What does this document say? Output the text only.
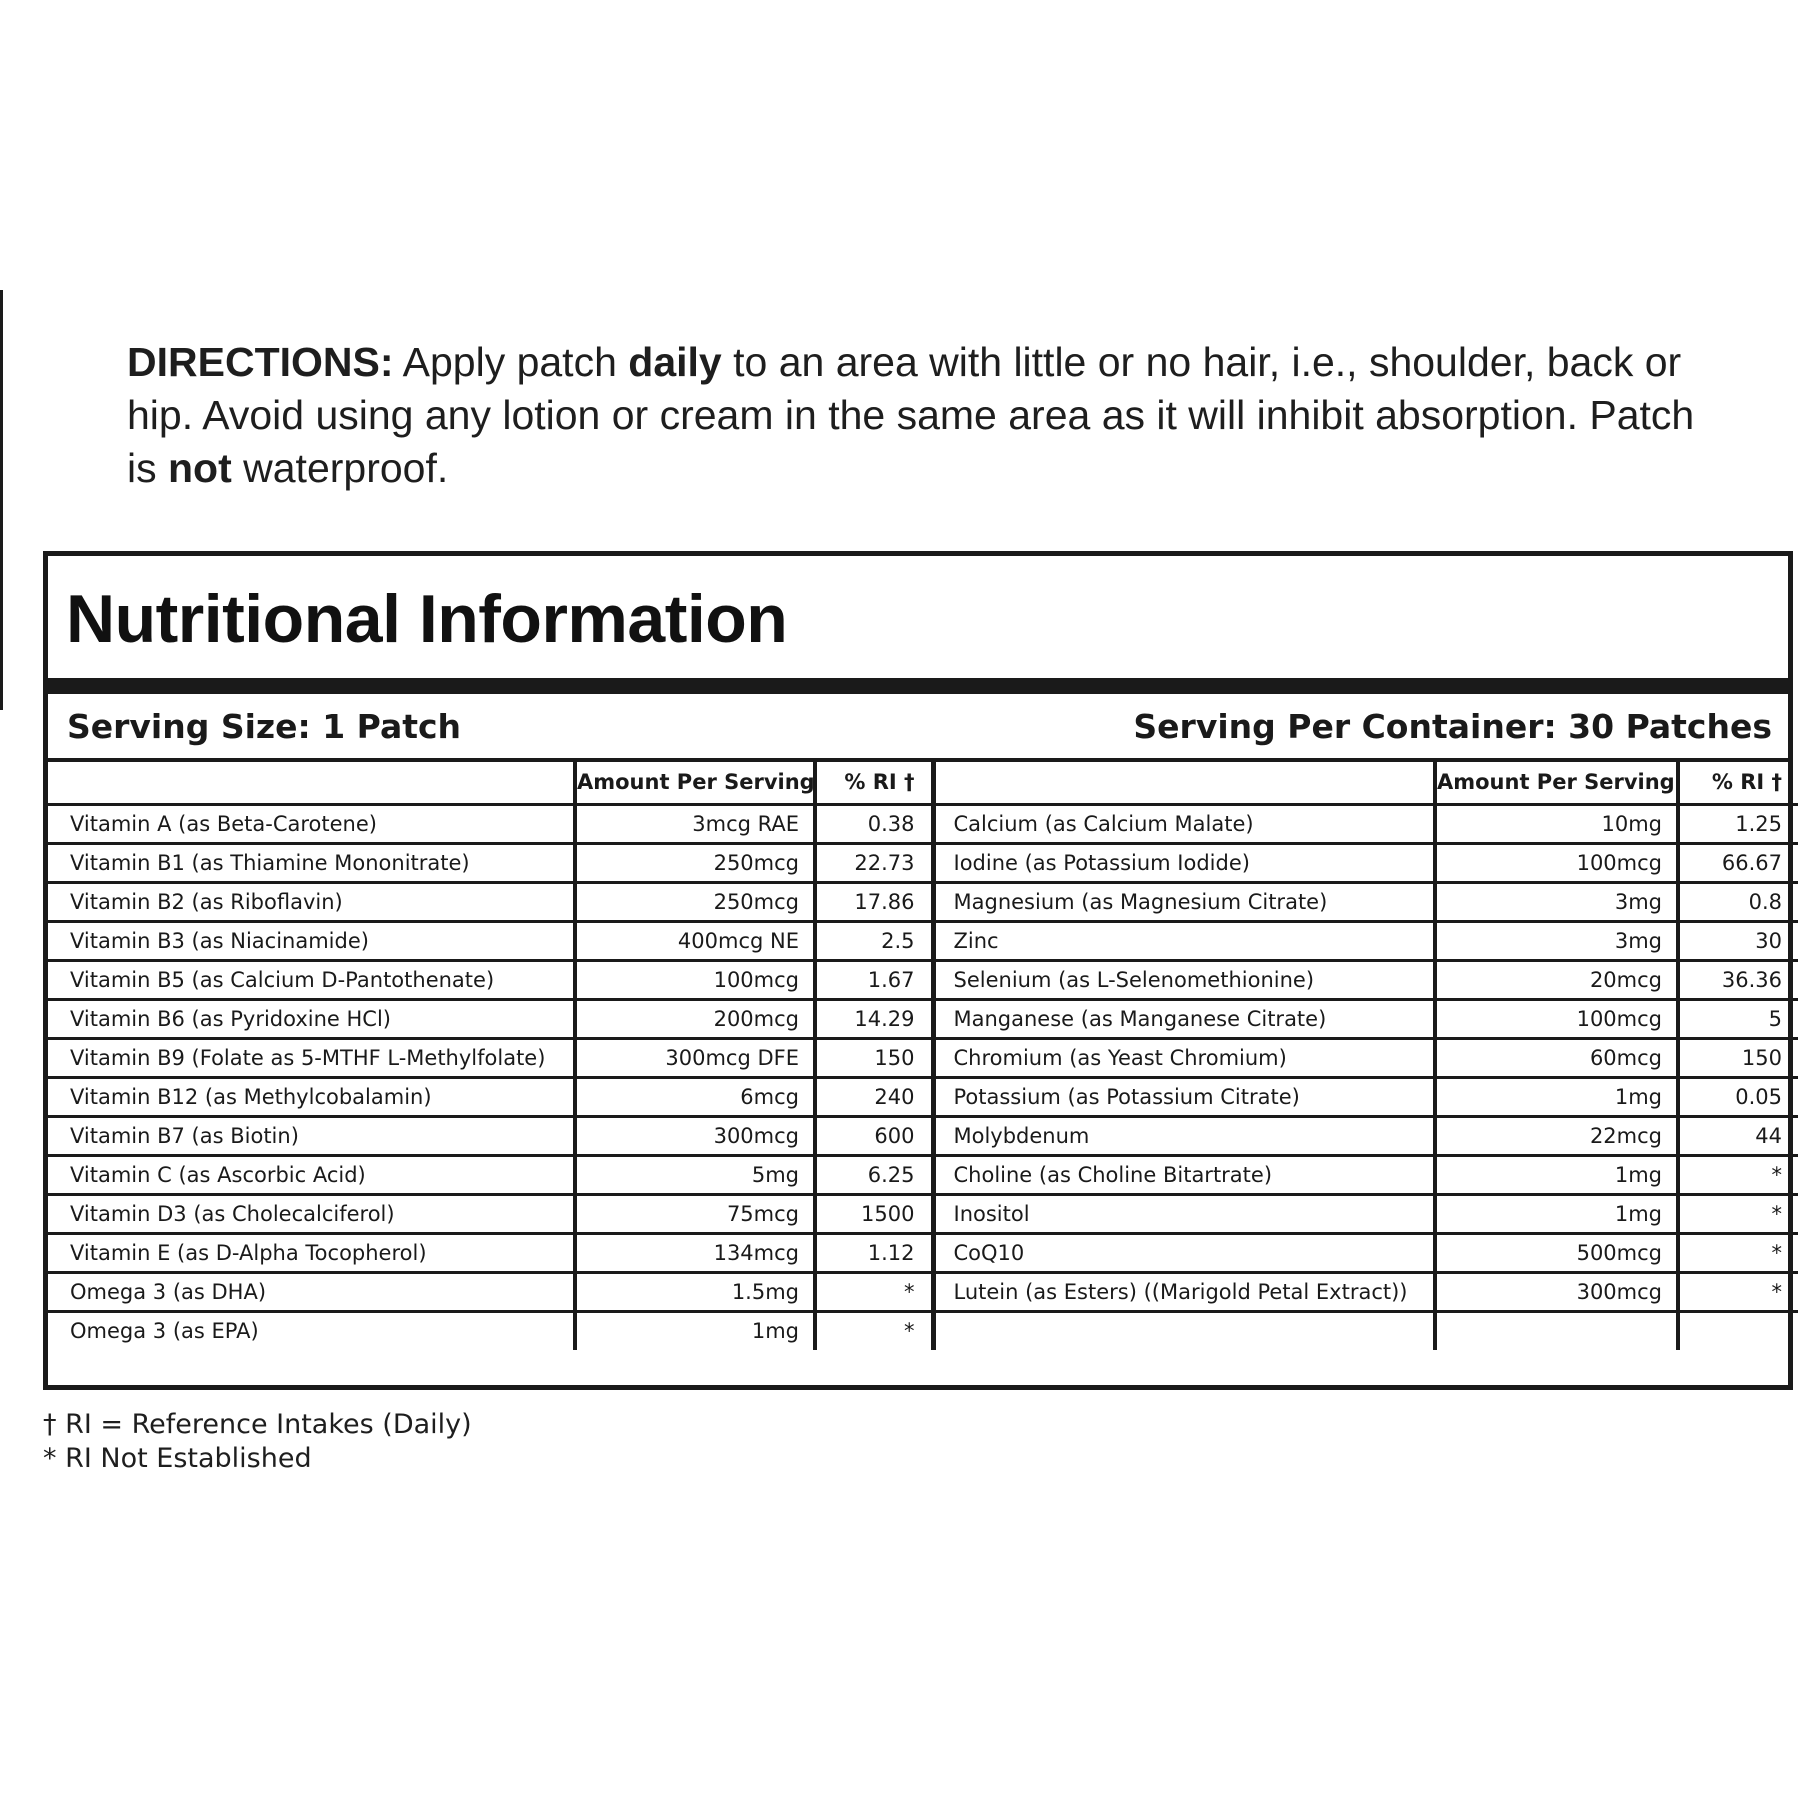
DIRECTIONS: Apply patch daily to an area with little or no hair, i.e., shoulder, back or hip. Avoid using any lotion or cream in the same area as it will inhibit absorption. Patch is not waterproof.
Nutritional Information
Serving Size: 1 Patch	Serving Per Container: 30 Patches
	Amount Per Serving	% RI †		Amount Per Serving	% RI †
Vitamin A (as Beta-Carotene)	3mcg RAE	0.38	Calcium (as Calcium Malate)	10mg	1.25
Vitamin B1 (as Thiamine Mononitrate)	250mcg	22.73	Iodine (as Potassium Iodide)	100mcg	66.67
Vitamin B2 (as Riboflavin)	250mcg	17.86	Magnesium (as Magnesium Citrate)	3mg	0.8
Vitamin B3 (as Niacinamide)	400mcg NE	2.5	Zinc	3mg	30
Vitamin B5 (as Calcium D-Pantothenate)	100mcg	1.67	Selenium (as L-Selenomethionine)	20mcg	36.36
Vitamin B6 (as Pyridoxine HCl)	200mcg	14.29	Manganese (as Manganese Citrate)	100mcg	5
Vitamin B9 (Folate as 5-MTHF L-Methylfolate)	300mcg DFE	150	Chromium (as Yeast Chromium)	60mcg	150
Vitamin B12 (as Methylcobalamin)	6mcg	240	Potassium (as Potassium Citrate)	1mg	0.05
Vitamin B7 (as Biotin)	300mcg	600	Molybdenum	22mcg	44
Vitamin C (as Ascorbic Acid)	5mg	6.25	Choline (as Choline Bitartrate)	1mg	*
Vitamin D3 (as Cholecalciferol)	75mcg	1500	Inositol	1mg	*
Vitamin E (as D-Alpha Tocopherol)	134mcg	1.12	CoQ10	500mcg	*
Omega 3 (as DHA)	1.5mg	*	Lutein (as Esters) ((Marigold Petal Extract))	300mcg	*
Omega 3 (as EPA)	1mg	*			
† RI = Reference Intakes (Daily)
* RI Not Established
